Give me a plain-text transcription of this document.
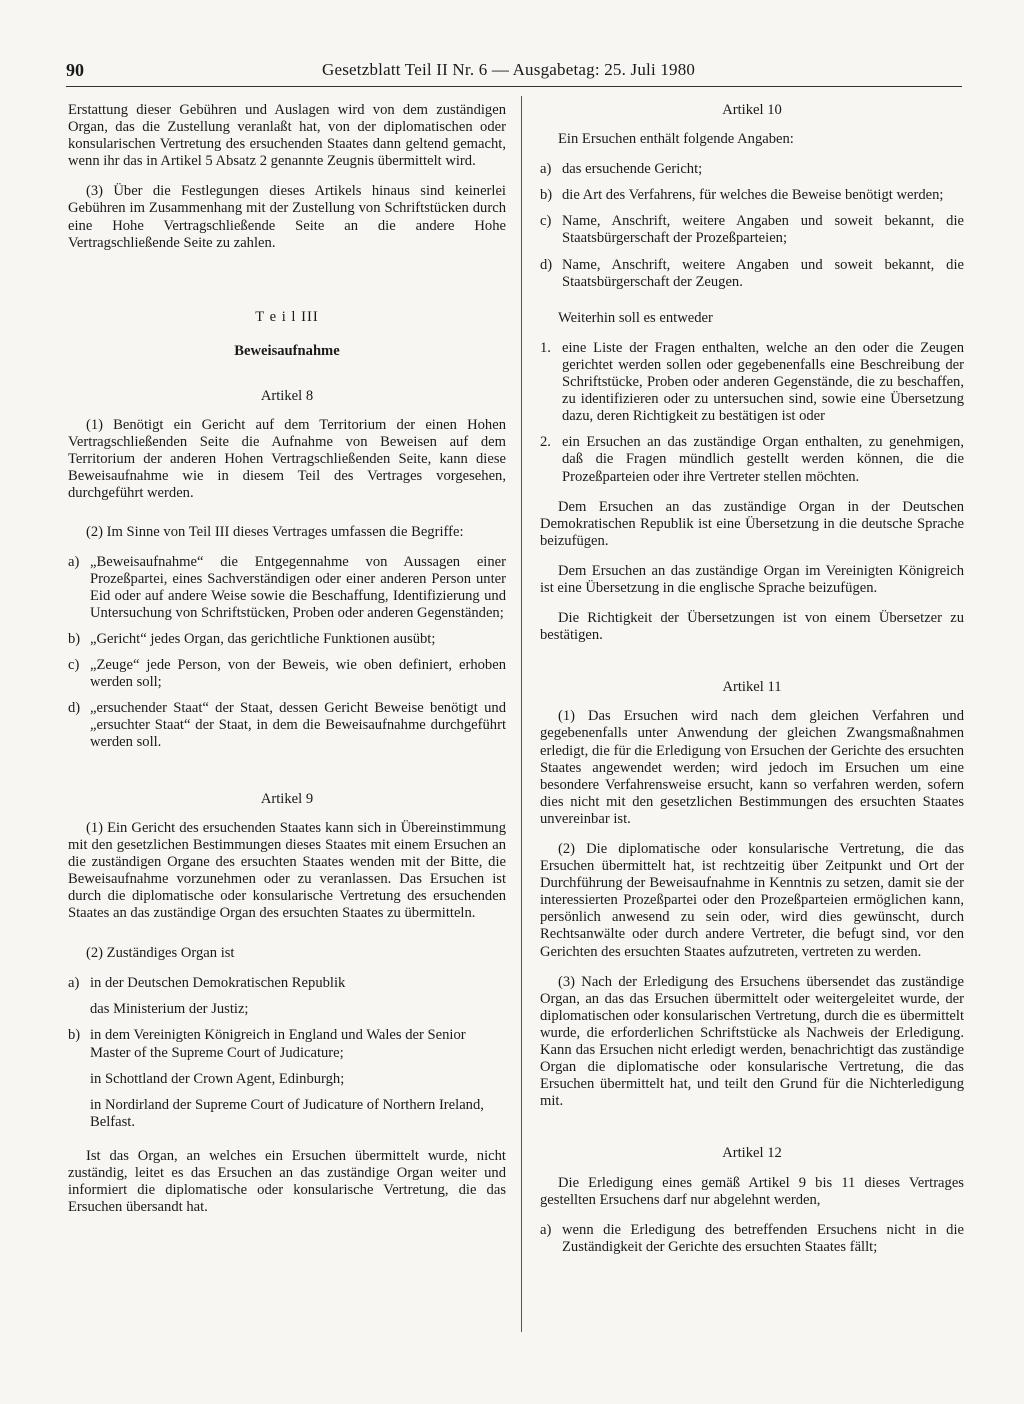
90	Gesetzblatt Teil II Nr. 6 — Ausgabetag: 25. Juli 1980

Erstattung dieser Gebühren und Auslagen wird von dem zuständigen Organ, das die Zustellung veranlaßt hat, von der diplomatischen oder konsularischen Vertretung des ersuchenden Staates dann geltend gemacht, wenn ihr das in Artikel 5 Absatz 2 genannte Zeugnis übermittelt wird.

(3) Über die Festlegungen dieses Artikels hinaus sind keinerlei Gebühren im Zusammenhang mit der Zustellung von Schriftstücken durch eine Hohe Vertragschließende Seite an die andere Hohe Vertragschließende Seite zu zahlen.

T e i l III

Beweisaufnahme

Artikel 8

(1) Benötigt ein Gericht auf dem Territorium der einen Hohen Vertragschließenden Seite die Aufnahme von Beweisen auf dem Territorium der anderen Hohen Vertragschließenden Seite, kann diese Beweisaufnahme wie in diesem Teil des Vertrages vorgesehen, durchgeführt werden.

(2) Im Sinne von Teil III dieses Vertrages umfassen die Begriffe:

a) „Beweisaufnahme“ die Entgegennahme von Aussagen einer Prozeßpartei, eines Sachverständigen oder einer anderen Person unter Eid oder auf andere Weise sowie die Beschaffung, Identifizierung und Untersuchung von Schriftstücken, Proben oder anderen Gegenständen;
b) „Gericht“ jedes Organ, das gerichtliche Funktionen ausübt;
c) „Zeuge“ jede Person, von der Beweis, wie oben definiert, erhoben werden soll;
d) „ersuchender Staat“ der Staat, dessen Gericht Beweise benötigt und „ersuchter Staat“ der Staat, in dem die Beweisaufnahme durchgeführt werden soll.

Artikel 9

(1) Ein Gericht des ersuchenden Staates kann sich in Übereinstimmung mit den gesetzlichen Bestimmungen dieses Staates mit einem Ersuchen an die zuständigen Organe des ersuchten Staates wenden mit der Bitte, die Beweisaufnahme vorzunehmen oder zu veranlassen. Das Ersuchen ist durch die diplomatische oder konsularische Vertretung des ersuchenden Staates an das zuständige Organ des ersuchten Staates zu übermitteln.

(2) Zuständiges Organ ist

a) in der Deutschen Demokratischen Republik
das Ministerium der Justiz;
b) in dem Vereinigten Königreich in England und Wales der Senior Master of the Supreme Court of Judicature;
in Schottland der Crown Agent, Edinburgh;
in Nordirland der Supreme Court of Judicature of Northern Ireland, Belfast.

Ist das Organ, an welches ein Ersuchen übermittelt wurde, nicht zuständig, leitet es das Ersuchen an das zuständige Organ weiter und informiert die diplomatische oder konsularische Vertretung, die das Ersuchen übersandt hat.

Artikel 10

Ein Ersuchen enthält folgende Angaben:

a) das ersuchende Gericht;
b) die Art des Verfahrens, für welches die Beweise benötigt werden;
c) Name, Anschrift, weitere Angaben und soweit bekannt, die Staatsbürgerschaft der Prozeßparteien;
d) Name, Anschrift, weitere Angaben und soweit bekannt, die Staatsbürgerschaft der Zeugen.

Weiterhin soll es entweder

1. eine Liste der Fragen enthalten, welche an den oder die Zeugen gerichtet werden sollen oder gegebenenfalls eine Beschreibung der Schriftstücke, Proben oder anderen Gegenstände, die zu beschaffen, zu identifizieren oder zu untersuchen sind, sowie eine Übersetzung dazu, deren Richtigkeit zu bestätigen ist oder
2. ein Ersuchen an das zuständige Organ enthalten, zu genehmigen, daß die Fragen mündlich gestellt werden können, die die Prozeßparteien oder ihre Vertreter stellen möchten.

Dem Ersuchen an das zuständige Organ in der Deutschen Demokratischen Republik ist eine Übersetzung in die deutsche Sprache beizufügen.

Dem Ersuchen an das zuständige Organ im Vereinigten Königreich ist eine Übersetzung in die englische Sprache beizufügen.

Die Richtigkeit der Übersetzungen ist von einem Übersetzer zu bestätigen.

Artikel 11

(1) Das Ersuchen wird nach dem gleichen Verfahren und gegebenenfalls unter Anwendung der gleichen Zwangsmaßnahmen erledigt, die für die Erledigung von Ersuchen der Gerichte des ersuchten Staates angewendet werden; wird jedoch im Ersuchen um eine besondere Verfahrensweise ersucht, kann so verfahren werden, sofern dies nicht mit den gesetzlichen Bestimmungen des ersuchten Staates unvereinbar ist.

(2) Die diplomatische oder konsularische Vertretung, die das Ersuchen übermittelt hat, ist rechtzeitig über Zeitpunkt und Ort der Durchführung der Beweisaufnahme in Kenntnis zu setzen, damit sie der interessierten Prozeßpartei oder den Prozeßparteien ermöglichen kann, persönlich anwesend zu sein oder, wird dies gewünscht, durch Rechtsanwälte oder durch andere Vertreter, die befugt sind, vor den Gerichten des ersuchten Staates aufzutreten, vertreten zu werden.

(3) Nach der Erledigung des Ersuchens übersendet das zuständige Organ, an das das Ersuchen übermittelt oder weitergeleitet wurde, der diplomatischen oder konsularischen Vertretung, durch die es übermittelt wurde, die erforderlichen Schriftstücke als Nachweis der Erledigung. Kann das Ersuchen nicht erledigt werden, benachrichtigt das zuständige Organ die diplomatische oder konsularische Vertretung, die das Ersuchen übermittelt hat, und teilt den Grund für die Nichterledigung mit.

Artikel 12

Die Erledigung eines gemäß Artikel 9 bis 11 dieses Vertrages gestellten Ersuchens darf nur abgelehnt werden,

a) wenn die Erledigung des betreffenden Ersuchens nicht in die Zuständigkeit der Gerichte des ersuchten Staates fällt;
